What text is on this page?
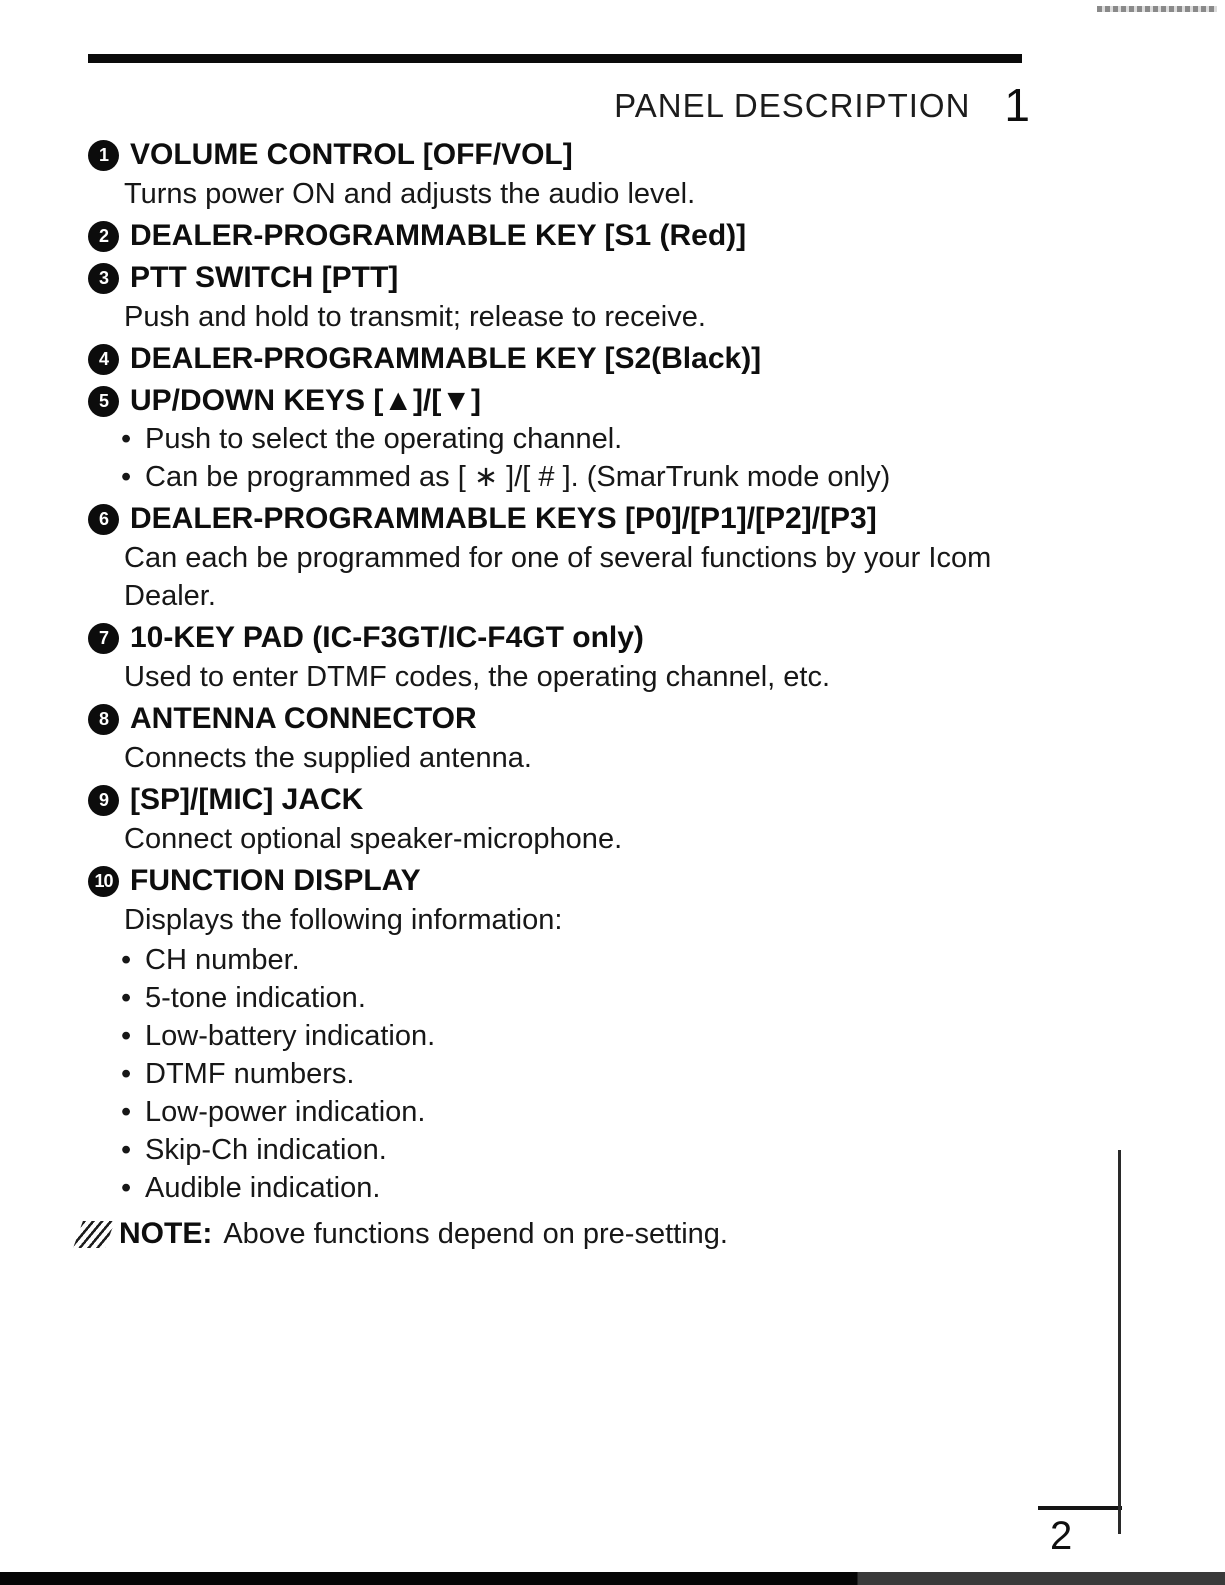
PANEL DESCRIPTION 1
1 VOLUME CONTROL [OFF/VOL]
Turns power ON and adjusts the audio level.
2 DEALER-PROGRAMMABLE KEY [S1 (Red)]
3 PTT SWITCH [PTT]
Push and hold to transmit; release to receive.
4 DEALER-PROGRAMMABLE KEY [S2(Black)]
5 UP/DOWN KEYS [▲]/[▼]
• Push to select the operating channel.
• Can be programmed as [ ∗ ]/[ # ]. (SmarTrunk mode only)
6 DEALER-PROGRAMMABLE KEYS [P0]/[P1]/[P2]/[P3]
Can each be programmed for one of several functions by your Icom Dealer.
7 10-KEY PAD (IC-F3GT/IC-F4GT only)
Used to enter DTMF codes, the operating channel, etc.
8 ANTENNA CONNECTOR
Connects the supplied antenna.
9 [SP]/[MIC] JACK
Connect optional speaker-microphone.
10 FUNCTION DISPLAY
Displays the following information:
• CH number.
• 5-tone indication.
• Low-battery indication.
• DTMF numbers.
• Low-power indication.
• Skip-Ch indication.
• Audible indication.
NOTE: Above functions depend on pre-setting.
2
